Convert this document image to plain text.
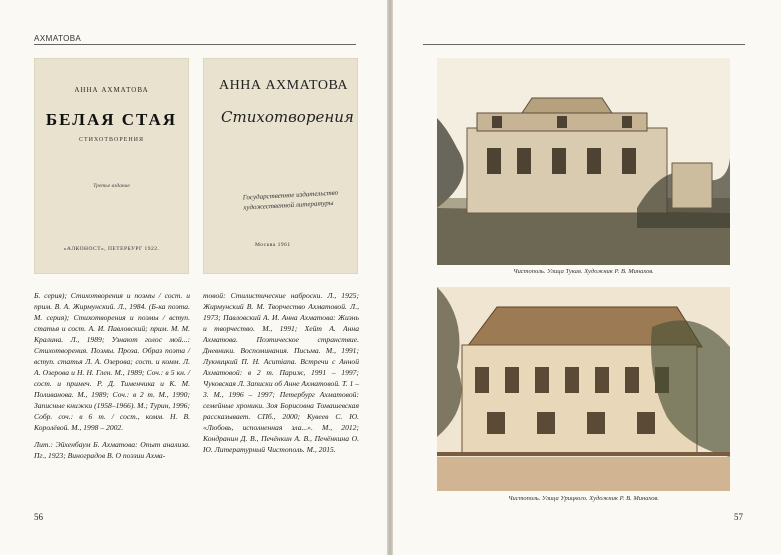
АХМАТОВА
АННА АХМАТОВА
БЕЛАЯ СТАЯ
СТИХОТВОРЕНИЯ
Третье издание
«АЛКОНОСТ», ПЕТЕРБУРГ 1922.
АННА АХМАТОВА
Стихотворения
Государственное издательство художественной литературы
Москва 1961

Б. серия); Стихотворения и поэмы / сост. и прим. В. А. Жирмунский. Л., 1984. (Б-ка поэта. М. серия); Стихотворения и поэмы / вступ. статья и сост. А. И. Павловский; прим. М. М. Кралина. Л., 1989; Узнают голос мой...: Стихотворения. Поэмы. Проза. Образ поэта / вступ. статья Л. А. Озерова; сост. и комм. Л. А. Озерова и Н. Н. Глен. М., 1989; Соч.: в 5 кн. / сост. и примеч. Р. Д. Тименчика и К. М. Поливанова. М., 1989; Соч.: в 2 т. М., 1990; Записные книжки (1958–1966). М.; Турин, 1996; Собр. соч.: в 6 т. / сост., комм. Н. В. Королёвой. М., 1998 – 2002.

Лит.: Эйхенбаум Б. Ахматова: Опыт анализа. Пг., 1923; Виноградов В. О поэзии Ахма-

товой: Стилистические наброски. Л., 1925; Жирмунский В. М. Творчество Ахматовой. Л., 1973; Павловский А. И. Анна Ахматова: Жизнь и творчество. М., 1991; Хейт А. Анна Ахматова. Поэтическое странствие. Дневники. Воспоминания. Письма. М., 1991; Лукницкий П. Н. Acumiana. Встречи с Анной Ахматовой: в 2 т. Париж, 1991 – 1997; Чуковская Л. Записки об Анне Ахматовой. Т. 1 – 3. М., 1996 – 1997; Петербург Ахматовой: семейные хроники. Зоя Борисовна Томашевская рассказывает. СПб., 2000; Кувеев С. Ю. «Любовь, исполненная зла...». М., 2012; Кондранин Д. В., Печёнкин А. В., Печёнкина О. Ю. Литературный Чистополь. М., 2015.

56
Чистополь. Улица Тукая. Художник Р. В. Минахов.
Чистополь. Улица Урицкого. Художник Р. В. Минахов.
57
